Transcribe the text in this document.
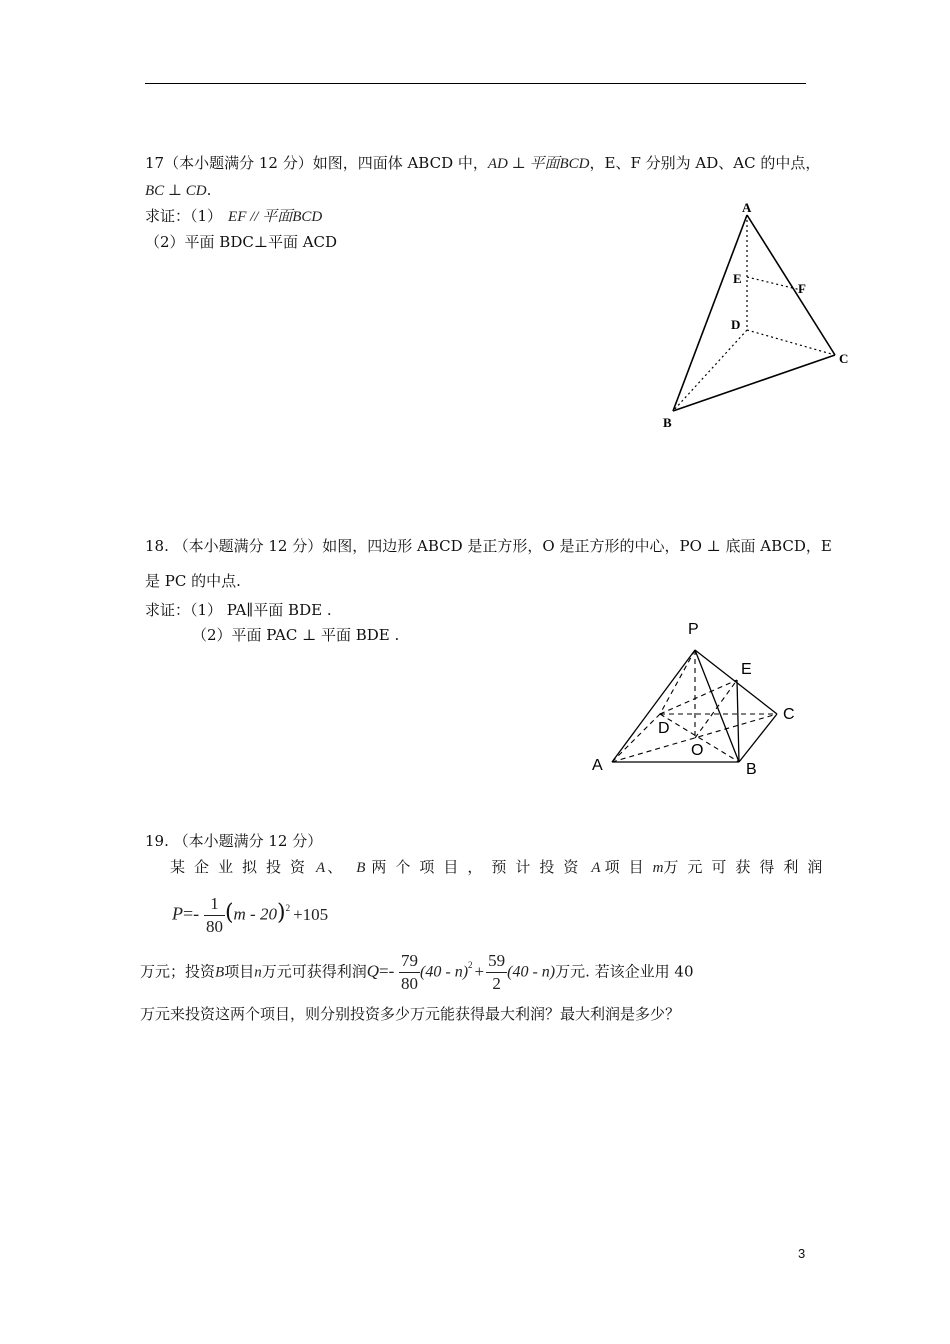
17（本小题满分 12 分）如图，四面体 ABCD 中，AD ⊥ 平面BCD，E、F 分别为 AD、AC 的中点，
BC ⊥ CD.
求证：（1） EF // 平面BCD
（2）平面 BDC⊥平面 ACD
A
B
C
D
E
F
18. （本小题满分 12 分）如图，四边形 ABCD 是正方形，O 是正方形的中心，PO ⊥ 底面 ABCD，E
是 PC 的中点.
求证：（1） PA∥平面 BDE .
（2）平面 PAC ⊥ 平面 BDE .	P
E
C
D
O
A	B
19. （本小题满分 12 分）
某企业拟投资 A 、 B 两个项目，预计投资 A 项目m万元可获得利润
$P=- \frac{1}{80} (m - 20)^2 +105$
万元；投资B项目n万元可获得利润$Q=- \frac{79}{80} (40 - n)^2 + \frac{59}{2} (40 - n)$万元. 若该企业用 40
万元来投资这两个项目，则分别投资多少万元能获得最大利润？最大利润是多少？
3
